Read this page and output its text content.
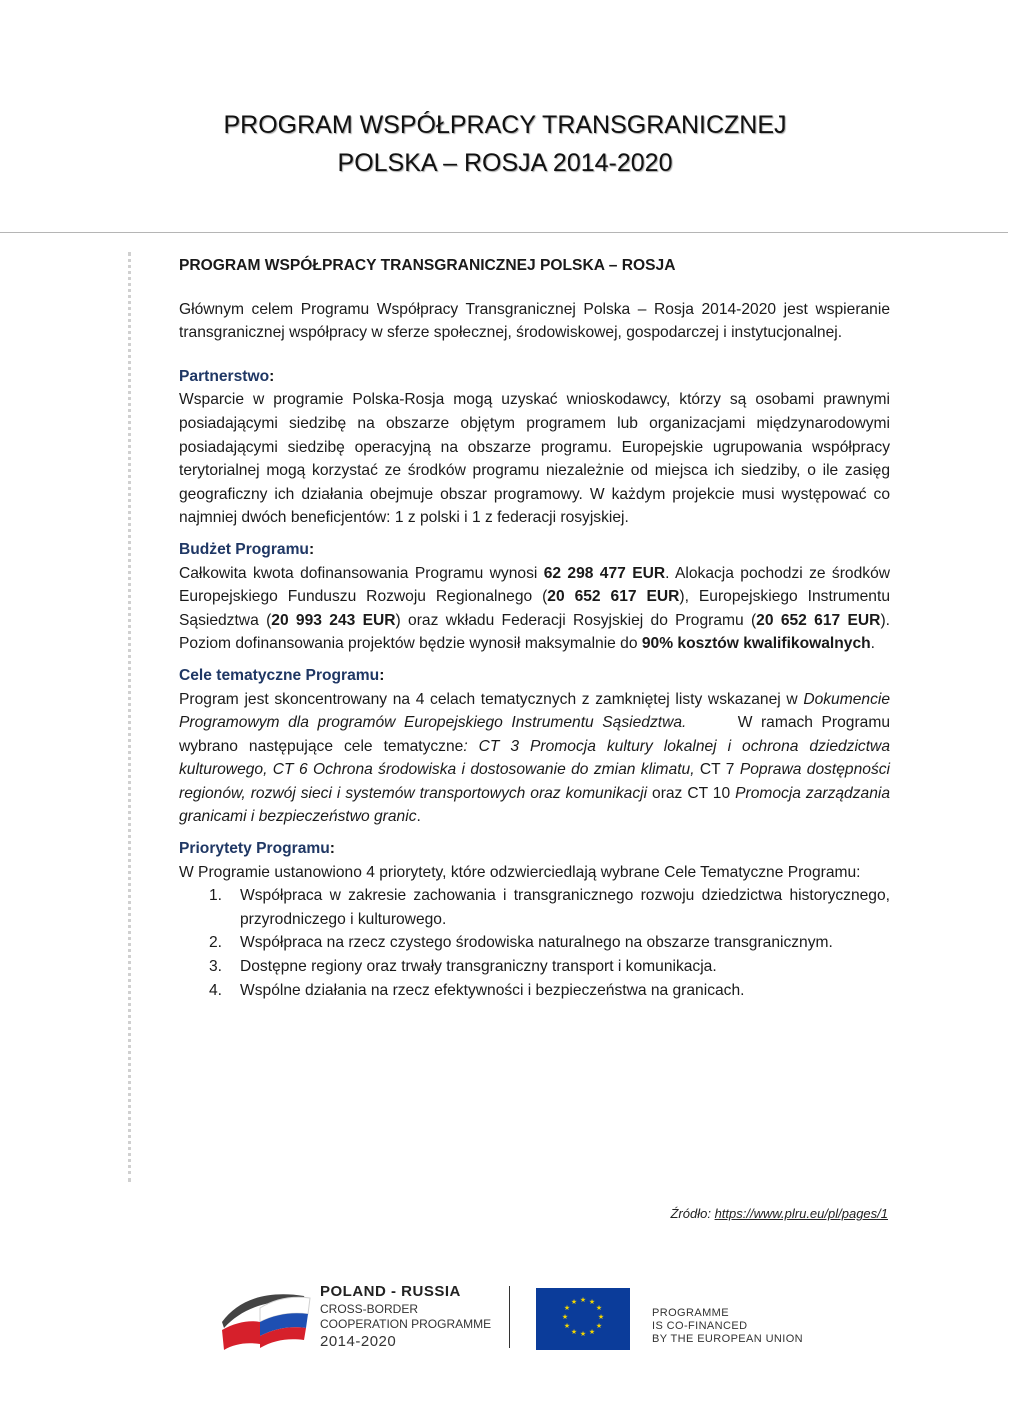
PROGRAM WSPÓŁPRACY TRANSGRANICZNEJ
POLSKA – ROSJA 2014-2020
PROGRAM WSPÓŁPRACY TRANSGRANICZNEJ POLSKA – ROSJA

Głównym celem Programu Współpracy Transgranicznej Polska – Rosja 2014-2020 jest wspieranie transgranicznej współpracy w sferze społecznej, środowiskowej, gospodarczej i instytucjonalnej.

Partnerstwo:

Wsparcie w programie Polska-Rosja mogą uzyskać wnioskodawcy, którzy są osobami prawnymi posiadającymi siedzibę na obszarze objętym programem lub organizacjami międzynarodowymi posiadającymi siedzibę operacyjną na obszarze programu. Europejskie ugrupowania współpracy terytorialnej mogą korzystać ze środków programu niezależnie od miejsca ich siedziby, o ile zasięg geograficzny ich działania obejmuje obszar programowy. W każdym projekcie musi występować co najmniej dwóch beneficjentów: 1 z polski i 1 z federacji rosyjskiej.

Budżet Programu:

Całkowita kwota dofinansowania Programu wynosi 62 298 477 EUR. Alokacja pochodzi ze środków Europejskiego Funduszu Rozwoju Regionalnego (20 652 617 EUR), Europejskiego Instrumentu Sąsiedztwa (20 993 243 EUR) oraz wkładu Federacji Rosyjskiej do Programu (20 652 617 EUR). Poziom dofinansowania projektów będzie wynosił maksymalnie do 90% kosztów kwalifikowalnych.

Cele tematyczne Programu:

Program jest skoncentrowany na 4 celach tematycznych z zamkniętej listy wskazanej w Dokumencie Programowym dla programów Europejskiego Instrumentu Sąsiedztwa.      W ramach Programu wybrano następujące cele tematyczne: CT 3 Promocja kultury lokalnej i ochrona dziedzictwa kulturowego, CT 6 Ochrona środowiska i dostosowanie do zmian klimatu, CT 7 Poprawa dostępności regionów, rozwój sieci i systemów transportowych oraz komunikacji oraz CT 10 Promocja zarządzania granicami i bezpieczeństwo granic.

Priorytety Programu:

W Programie ustanowiono 4 priorytety, które odzwierciedlają wybrane Cele Tematyczne Programu:

1. Współpraca w zakresie zachowania i transgranicznego rozwoju dziedzictwa historycznego, przyrodniczego i kulturowego.
2. Współpraca na rzecz czystego środowiska naturalnego na obszarze transgranicznym.
3. Dostępne regiony oraz trwały transgraniczny transport i komunikacja.
4. Wspólne działania na rzecz efektywności i bezpieczeństwa na granicach.
Źródło: https://www.plru.eu/pl/pages/1
POLAND - RUSSIA
CROSS-BORDER
COOPERATION PROGRAMME
2014-2020
★ ★
★
★
★
★
★
★
★
★
★
★
PROGRAMME
IS CO-FINANCED
BY THE EUROPEAN UNION
